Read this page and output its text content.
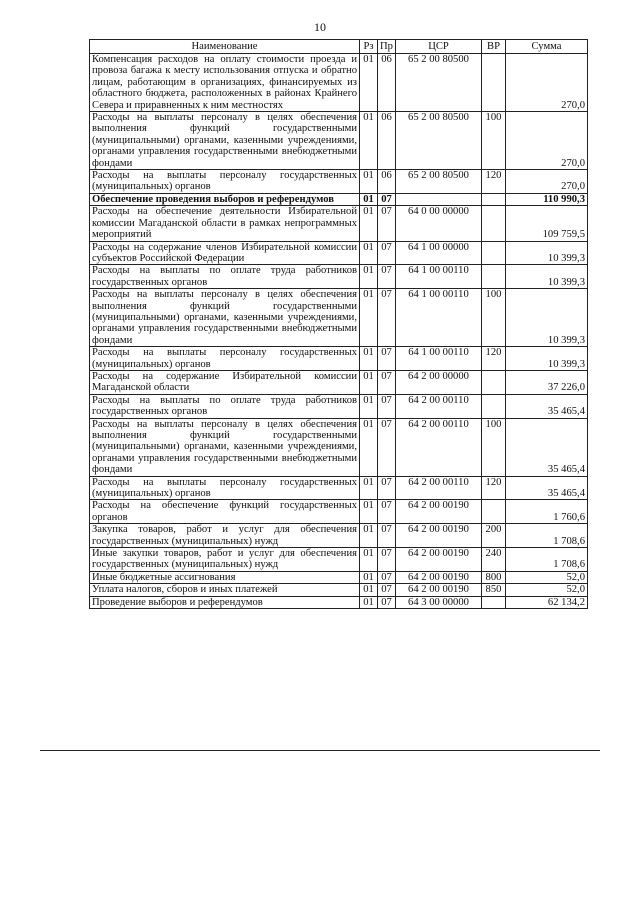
10
Наименование	Рз	Пр	ЦСР	ВР	Сумма
Компенсация расходов на оплату стоимости проезда и провоза багажа к месту использования отпуска и обратно лицам, работающим в организациях, финансируемых из областного бюджета, расположенных в районах Крайнего Севера и приравненных к ним местностях	01	06	65 2 00 80500		270,0
Расходы на выплаты персоналу в целях обеспечения выполнения функций государственными (муниципальными) органами, казенными учреждениями, органами управления государственными внебюджетными фондами	01	06	65 2 00 80500	100	270,0
Расходы на выплаты персоналу государственных (муниципальных) органов	01	06	65 2 00 80500	120	270,0
Обеспечение проведения выборов и референдумов	01	07			110 990,3
Расходы на обеспечение деятельности Избирательной комиссии Магаданской области в рамках непрограммных мероприятий	01	07	64 0 00 00000		109 759,5
Расходы на содержание членов Избирательной комиссии субъектов Российской Федерации	01	07	64 1 00 00000		10 399,3
Расходы на выплаты по оплате труда работников государственных органов	01	07	64 1 00 00110		10 399,3
Расходы на выплаты персоналу в целях обеспечения выполнения функций государственными (муниципальными) органами, казенными учреждениями, органами управления государственными внебюджетными фондами	01	07	64 1 00 00110	100	10 399,3
Расходы на выплаты персоналу государственных (муниципальных) органов	01	07	64 1 00 00110	120	10 399,3
Расходы на содержание Избирательной комиссии Магаданской области	01	07	64 2 00 00000		37 226,0
Расходы на выплаты по оплате труда работников государственных органов	01	07	64 2 00 00110		35 465,4
Расходы на выплаты персоналу в целях обеспечения выполнения функций государственными (муниципальными) органами, казенными учреждениями, органами управления государственными внебюджетными фондами	01	07	64 2 00 00110	100	35 465,4
Расходы на выплаты персоналу государственных (муниципальных) органов	01	07	64 2 00 00110	120	35 465,4
Расходы на обеспечение функций государственных органов	01	07	64 2 00 00190		1 760,6
Закупка товаров, работ и услуг для обеспечения государственных (муниципальных) нужд	01	07	64 2 00 00190	200	1 708,6
Иные закупки товаров, работ и услуг для обеспечения государственных (муниципальных) нужд	01	07	64 2 00 00190	240	1 708,6
Иные бюджетные ассигнования	01	07	64 2 00 00190	800	52,0
Уплата налогов, сборов и иных платежей	01	07	64 2 00 00190	850	52,0
Проведение выборов и референдумов	01	07	64 3 00 00000		62 134,2
